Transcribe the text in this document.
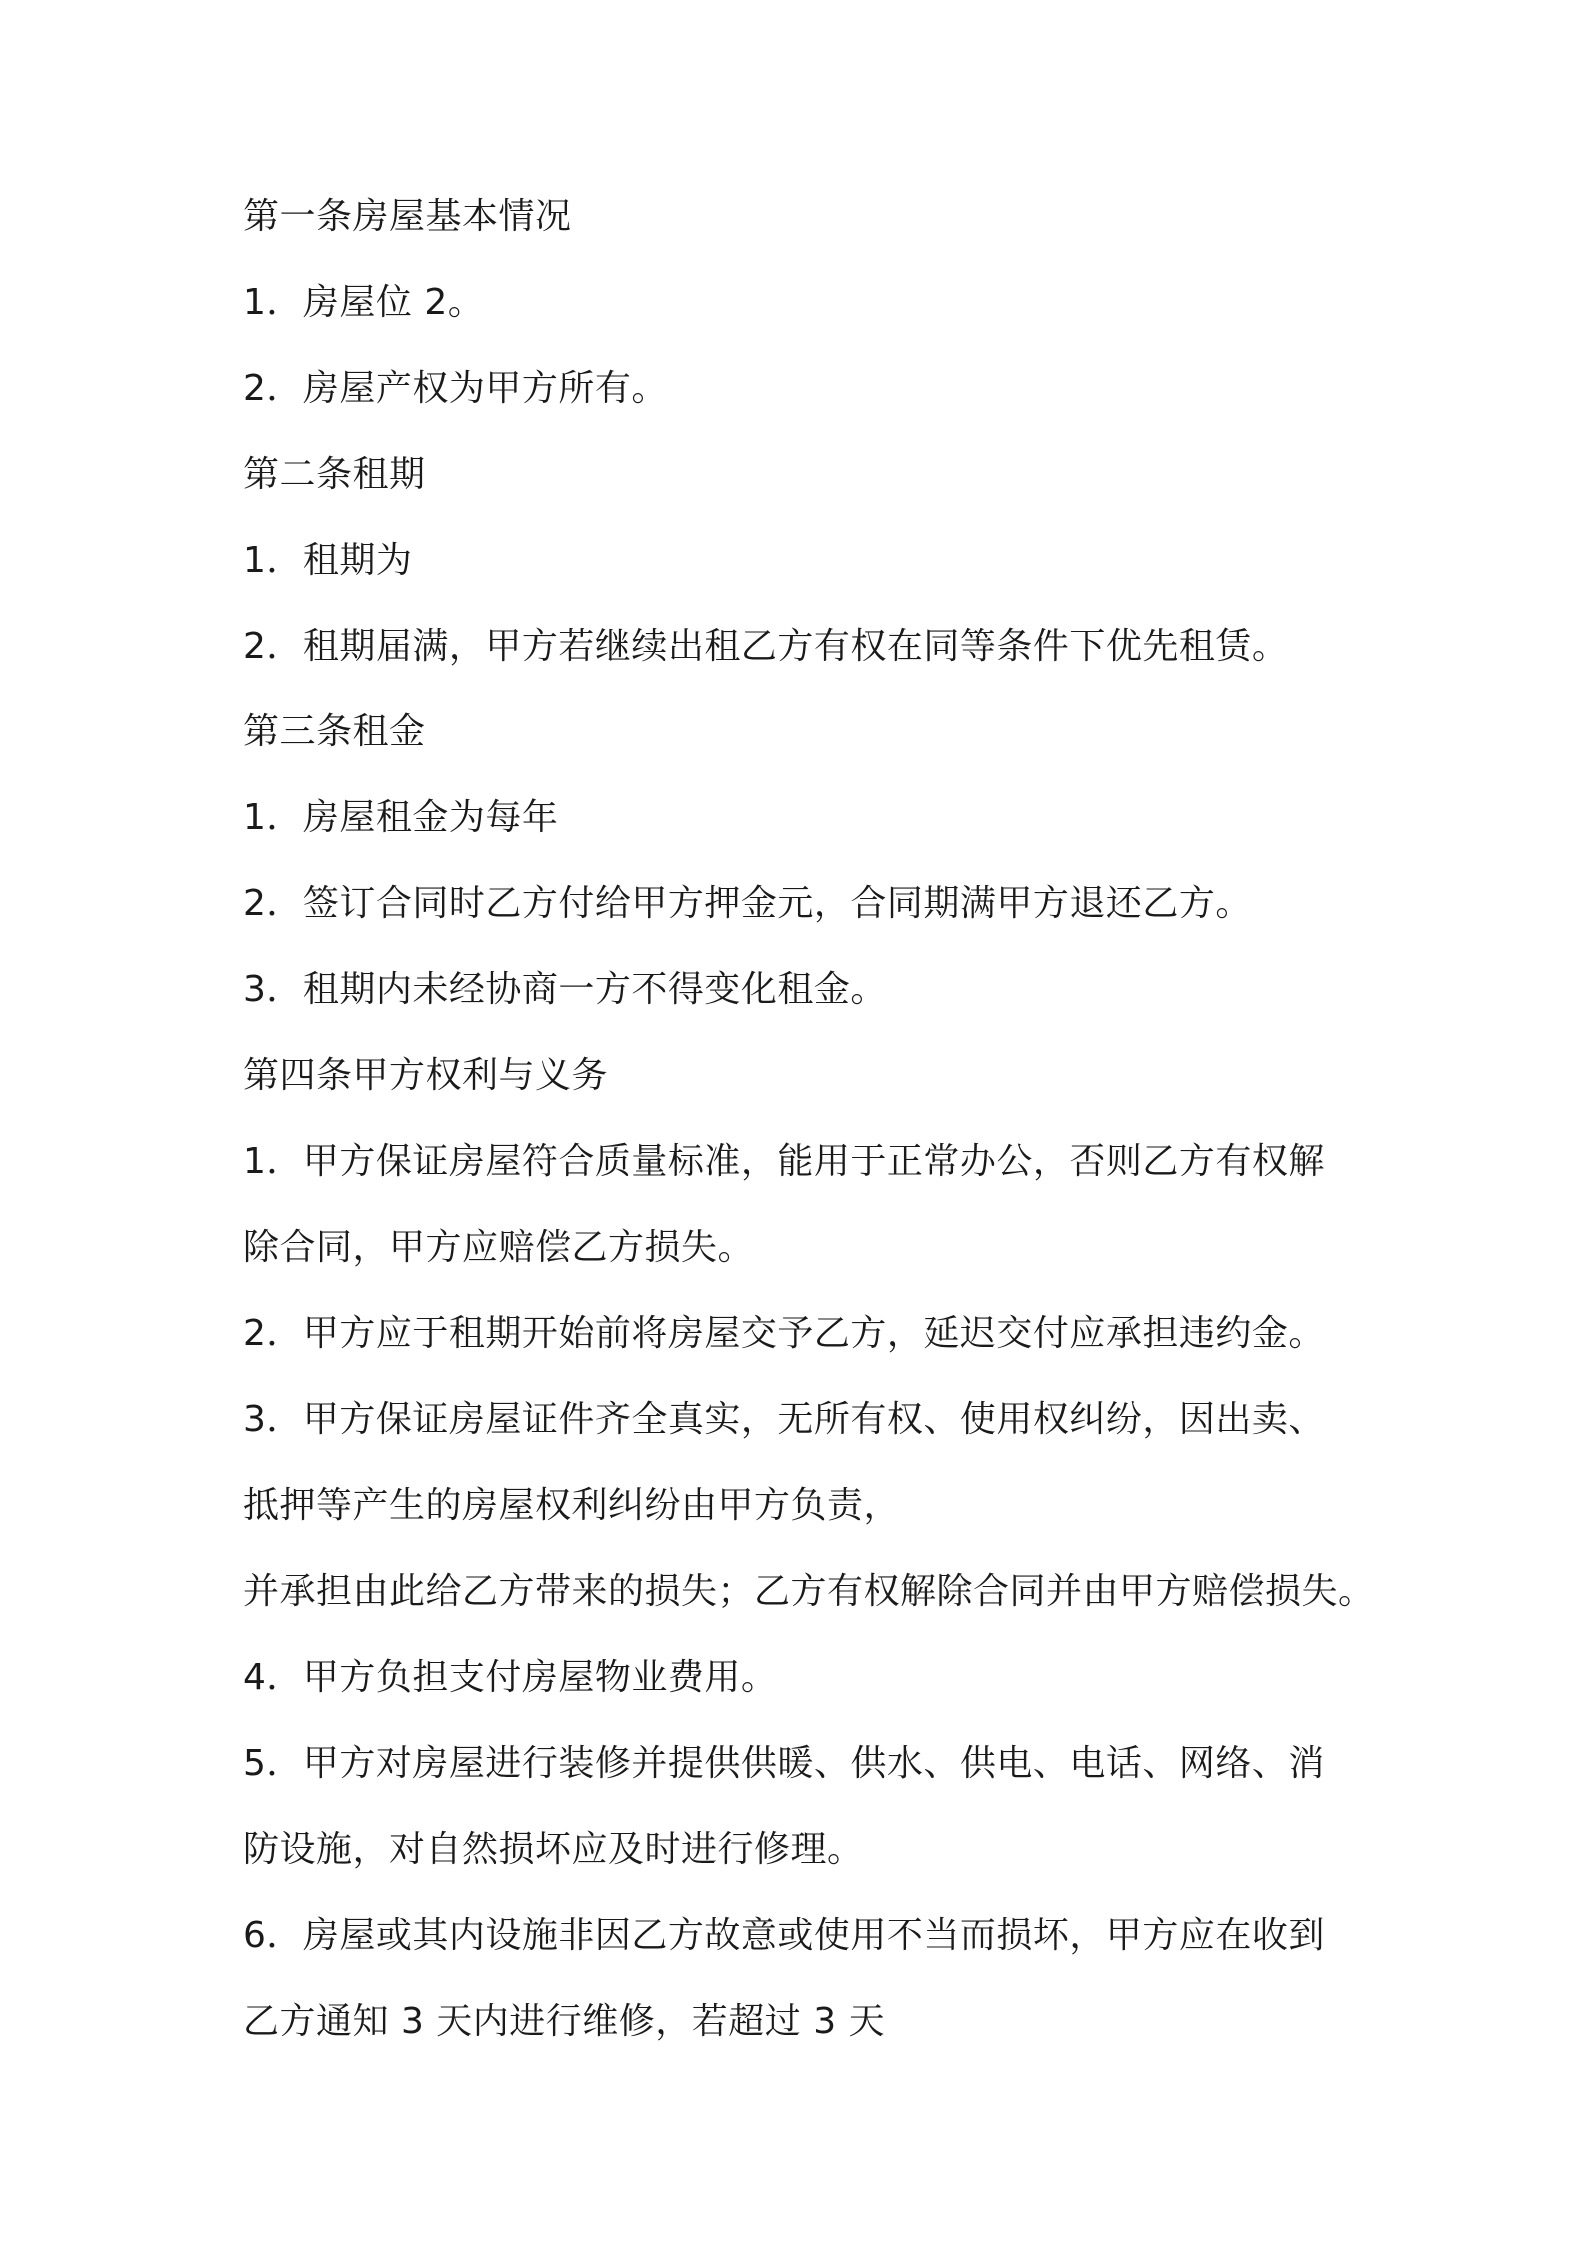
第一条房屋基本情况
1．房屋位 2。
2．房屋产权为甲方所有。
第二条租期
1．租期为
2．租期届满，甲方若继续出租乙方有权在同等条件下优先租赁。
第三条租金
1．房屋租金为每年
2．签订合同时乙方付给甲方押金元，合同期满甲方退还乙方。
3．租期内未经协商一方不得变化租金。
第四条甲方权利与义务
1．甲方保证房屋符合质量标准，能用于正常办公，否则乙方有权解
除合同，甲方应赔偿乙方损失。
2．甲方应于租期开始前将房屋交予乙方，延迟交付应承担违约金。
3．甲方保证房屋证件齐全真实，无所有权、使用权纠纷，因出卖、
抵押等产生的房屋权利纠纷由甲方负责，
并承担由此给乙方带来的损失；乙方有权解除合同并由甲方赔偿损失。
4．甲方负担支付房屋物业费用。
5．甲方对房屋进行装修并提供供暖、供水、供电、电话、网络、消
防设施，对自然损坏应及时进行修理。
6．房屋或其内设施非因乙方故意或使用不当而损坏，甲方应在收到
乙方通知 3 天内进行维修，若超过 3 天
